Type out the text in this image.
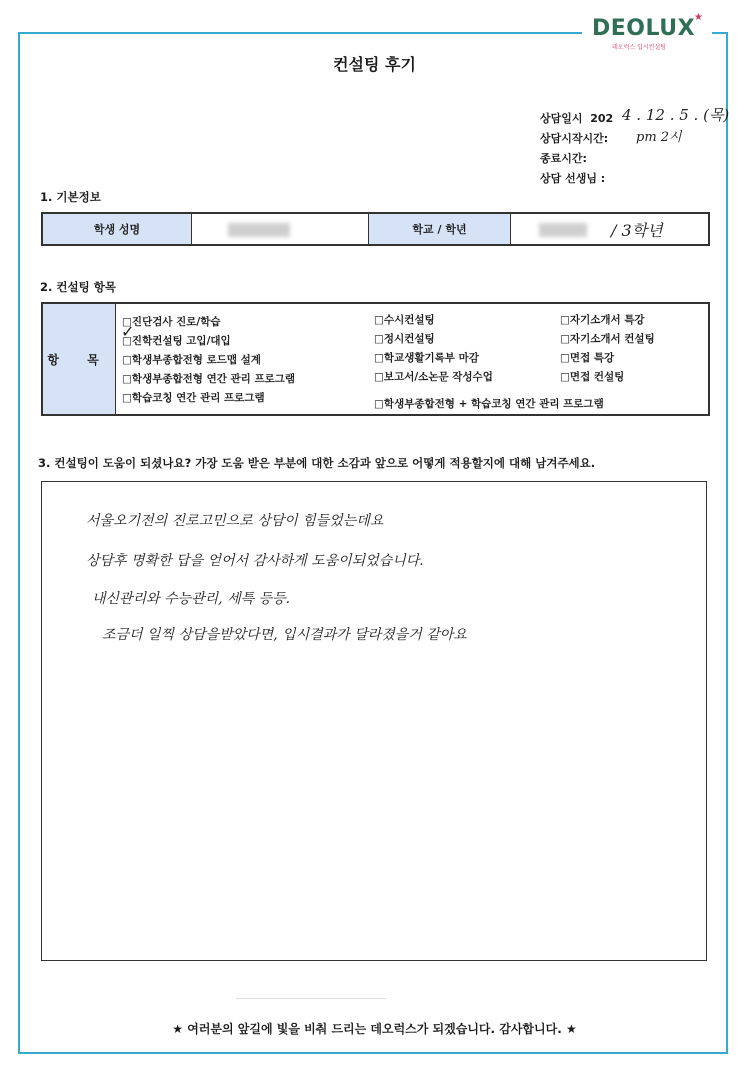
DEOLUX
★
데오럭스 입시컨설팅
컨설팅 후기
상담일시 202 4 . 12 . 5 . (목)
상담시작시간: pm 2시
종료시간:
상담 선생님 :
1. 기본정보
학생 성명	학교 / 학년	/ 3학년
2. 컨설팅 항목
항 목
□진단검사 진로/학습
□진학컨설팅 고입/대입
□학생부종합전형 로드맵 설계
□학생부종합전형 연간 관리 프로그램
□학습코칭 연간 관리 프로그램
✓
□수시컨설팅
□정시컨설팅
□학교생활기록부 마감
□보고서/소논문 작성수업
□학생부종합전형 + 학습코칭 연간 관리 프로그램
□자기소개서 특강
□자기소개서 컨설팅
□면접 특강
□면접 컨설팅
3. 컨설팅이 도움이 되셨나요? 가장 도움 받은 부분에 대한 소감과 앞으로 어떻게 적용할지에 대해 남겨주세요.
서울오기전의 진로고민으로 상담이 힘들었는데요
상담후 명확한 답을 얻어서 감사하게 도움이되었습니다.
내신관리와 수능관리, 세특 등등.
조금더 일찍 상담을받았다면, 입시결과가 달라졌을거 같아요
★ 여러분의 앞길에 빛을 비춰 드리는 데오럭스가 되겠습니다. 감사합니다. ★
